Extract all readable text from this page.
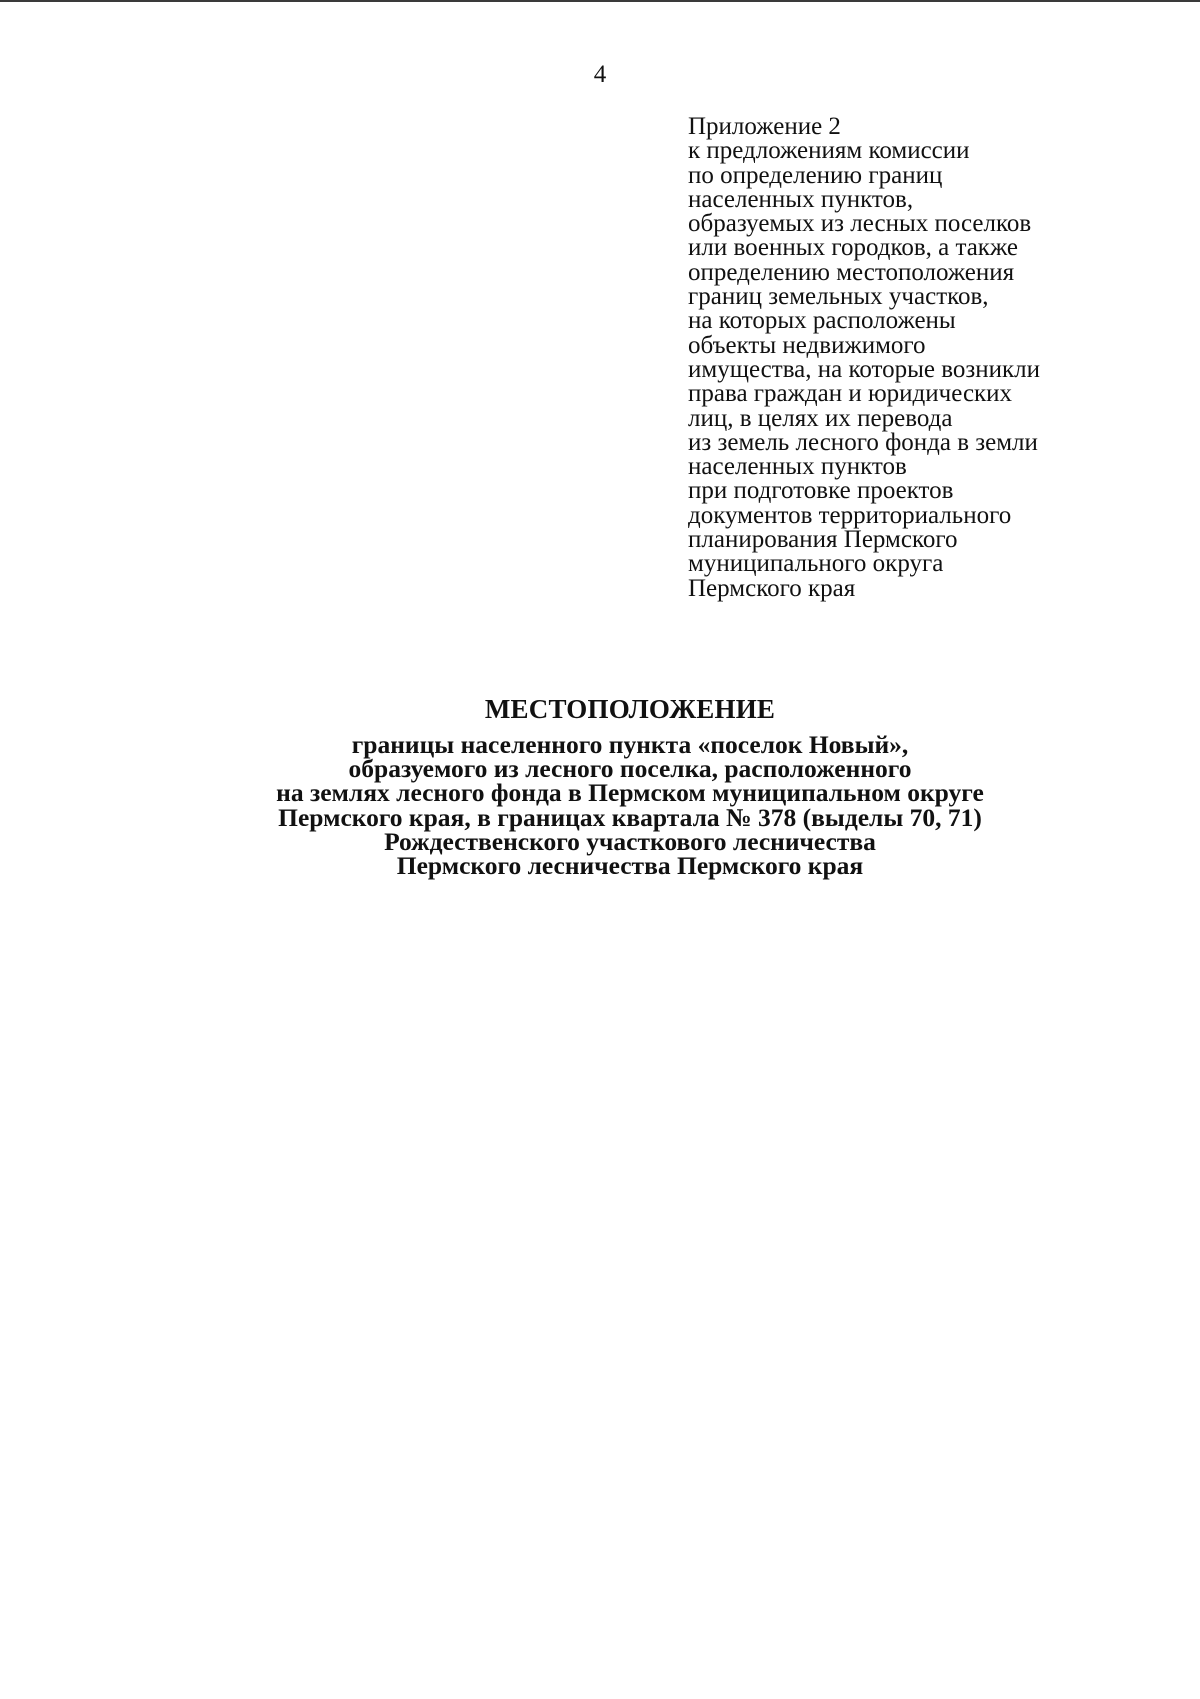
4
Приложение 2
к предложениям комиссии
по определению границ
населенных пунктов,
образуемых из лесных поселков
или военных городков, а также
определению местоположения
границ земельных участков,
на которых расположены
объекты недвижимого
имущества, на которые возникли
права граждан и юридических
лиц, в целях их перевода
из земель лесного фонда в земли
населенных пунктов
при подготовке проектов
документов территориального
планирования Пермского
муниципального округа
Пермского края
МЕСТОПОЛОЖЕНИЕ
границы населенного пункта «поселок Новый»,
образуемого из лесного поселка, расположенного
на землях лесного фонда в Пермском муниципальном округе
Пермского края, в границах квартала № 378 (выделы 70, 71)
Рождественского участкового лесничества
Пермского лесничества Пермского края
